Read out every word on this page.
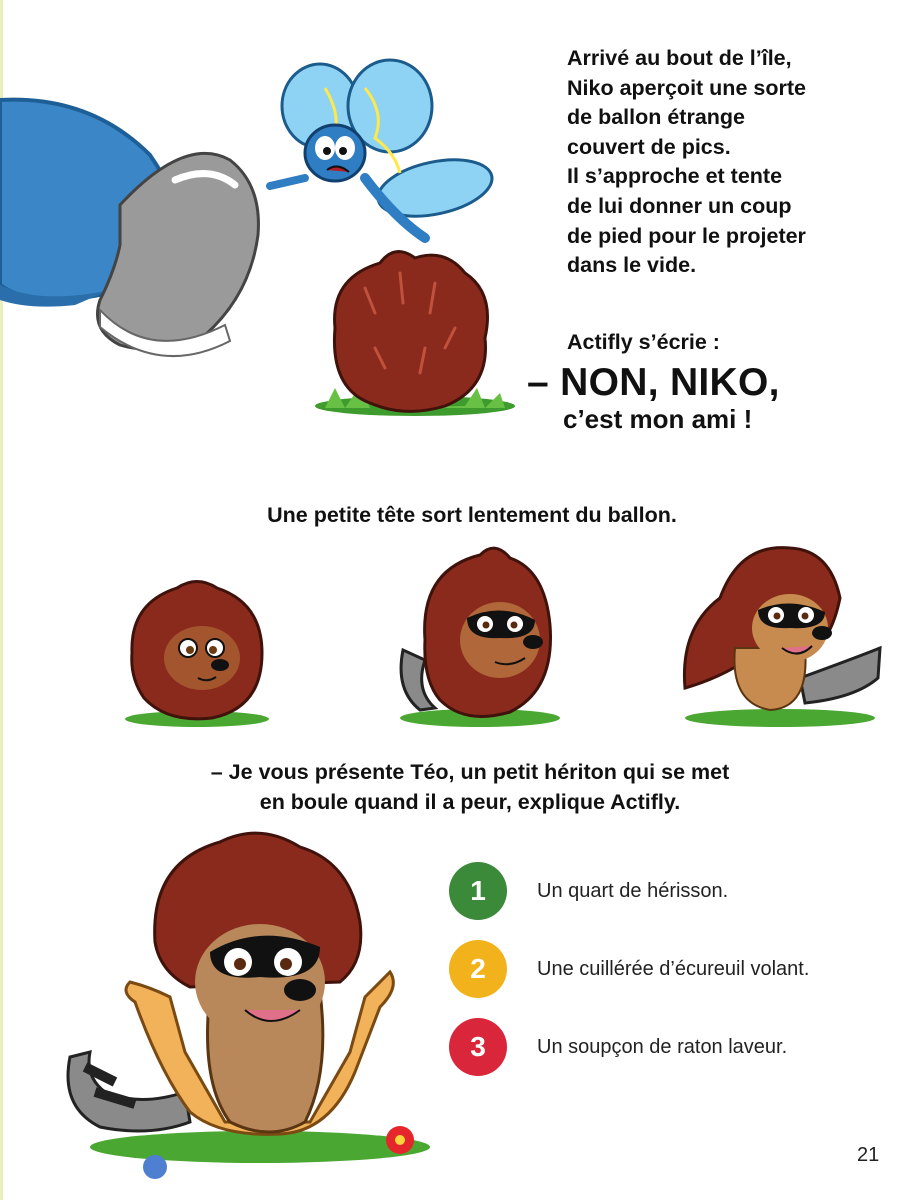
Arrivé au bout de l’île,
Niko aperçoit une sorte
de ballon étrange
couvert de pics.
Il s’approche et tente
de lui donner un coup
de pied pour le projeter
dans le vide.

Actifly s’écrie :
– NON, NIKO,
c’est mon ami !

Une petite tête sort lentement du ballon.

– Je vous présente Téo, un petit hériton qui se met
en boule quand il a peur, explique Actifly.

1	Un quart de hérisson.
2	Une cuillérée d’écureuil volant.
3	Un soupçon de raton laveur.
21
